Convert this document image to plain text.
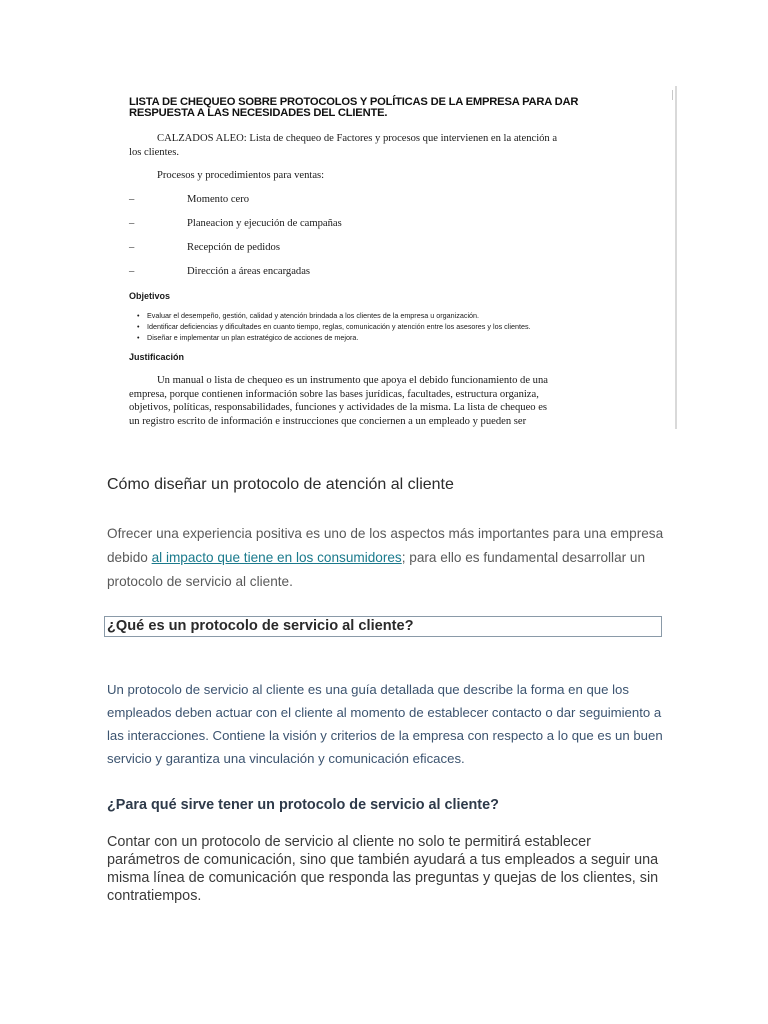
LISTA DE CHEQUEO SOBRE PROTOCOLOS Y POLÍTICAS DE LA EMPRESA PARA DAR
RESPUESTA A LAS NECESIDADES DEL CLIENTE.
CALZADOS ALEO: Lista de chequeo de Factores y procesos que intervienen en la atención a
los clientes.
Procesos y procedimientos para ventas:
–	Momento cero
–	Planeacion y ejecución de campañas
–	Recepción de pedidos
–	Dirección a áreas encargadas
Objetivos
• Evaluar el desempeño, gestión, calidad y atención brindada a los clientes de la empresa u organización.
• Identificar deficiencias y dificultades en cuanto tiempo, reglas, comunicación y atención entre los asesores y los clientes.
• Diseñar e implementar un plan estratégico de acciones de mejora.
Justificación
Un manual o lista de chequeo es un instrumento que apoya el debido funcionamiento de una
empresa, porque contienen información sobre las bases jurídicas, facultades, estructura organiza,
objetivos, políticas, responsabilidades, funciones y actividades de la misma. La lista de chequeo es
un registro escrito de información e instrucciones que conciernen a un empleado y pueden ser
Cómo diseñar un protocolo de atención al cliente
Ofrecer una experiencia positiva es uno de los aspectos más importantes para una empresa debido al impacto que tiene en los consumidores; para ello es fundamental desarrollar un protocolo de servicio al cliente.
¿Qué es un protocolo de servicio al cliente?
Un protocolo de servicio al cliente es una guía detallada que describe la forma en que los empleados deben actuar con el cliente al momento de establecer contacto o dar seguimiento a las interacciones. Contiene la visión y criterios de la empresa con respecto a lo que es un buen servicio y garantiza una vinculación y comunicación eficaces.
¿Para qué sirve tener un protocolo de servicio al cliente?
Contar con un protocolo de servicio al cliente no solo te permitirá establecer parámetros de comunicación, sino que también ayudará a tus empleados a seguir una misma línea de comunicación que responda las preguntas y quejas de los clientes, sin contratiempos.
